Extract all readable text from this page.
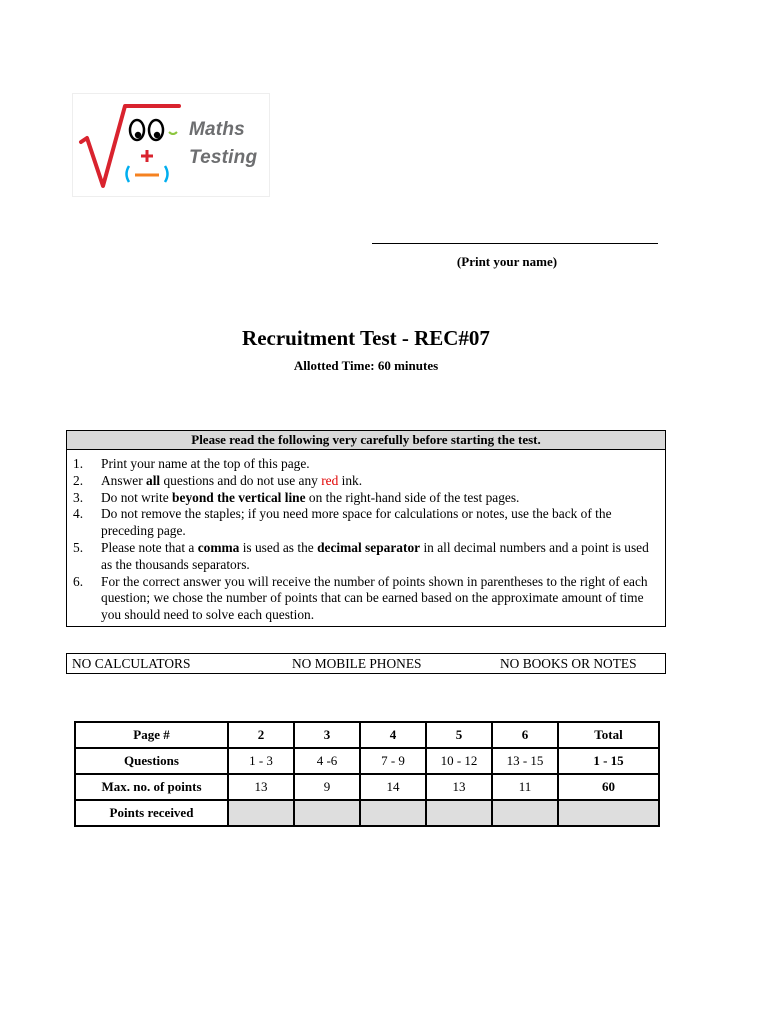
Maths
Testing
(Print your name)
Recruitment Test - REC#07
Allotted Time: 60 minutes
Please read the following very carefully before starting the test.
1. Print your name at the top of this page.
2. Answer all questions and do not use any red ink.
3. Do not write beyond the vertical line on the right-hand side of the test pages.
4. Do not remove the staples; if you need more space for calculations or notes, use the back of the preceding page.
5. Please note that a comma is used as the decimal separator in all decimal numbers and a point is used as the thousands separators.
6. For the correct answer you will receive the number of points shown in parentheses to the right of each question; we chose the number of points that can be earned based on the approximate amount of time you should need to solve each question.
NO CALCULATORS	NO MOBILE PHONES	NO BOOKS OR NOTES
Page #	2	3	4	5	6	Total
Questions	1 - 3	4 -6	7 - 9	10 - 12	13 - 15	1 - 15
Max. no. of points	13	9	14	13	11	60
Points received						
